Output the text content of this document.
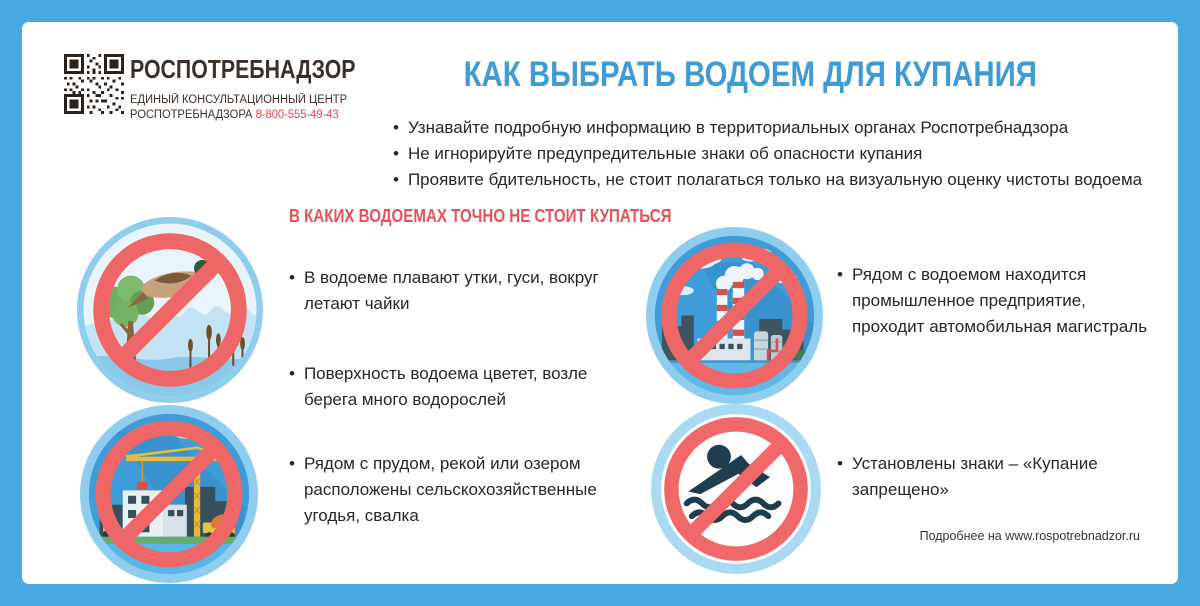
РОСПОТРЕБНАДЗОР
ЕДИНЫЙ КОНСУЛЬТАЦИОННЫЙ ЦЕНТР
РОСПОТРЕБНАДЗОРА 8-800-555-49-43
КАК ВЫБРАТЬ ВОДОЕМ ДЛЯ КУПАНИЯ
• Узнавайте подробную информацию в территориальных органах Роспотребнадзора
• Не игнорируйте предупредительные знаки об опасности купания
• Проявите бдительность, не стоит полагаться только на визуальную оценку чистоты водоема
В КАКИХ ВОДОЕМАХ ТОЧНО НЕ СТОИТ КУПАТЬСЯ
• В водоеме плавают утки, гуси, вокруг летают чайки
• Поверхность водоема цветет, возле берега много водорослей
• Рядом с прудом, рекой или озером расположены сельскохозяйственные угодья, свалка
• Рядом с водоемом находится промышленное предприятие, проходит автомобильная магистраль
• Установлены знаки – «Купание запрещено»
Подробнее на www.rospotrebnadzor.ru
